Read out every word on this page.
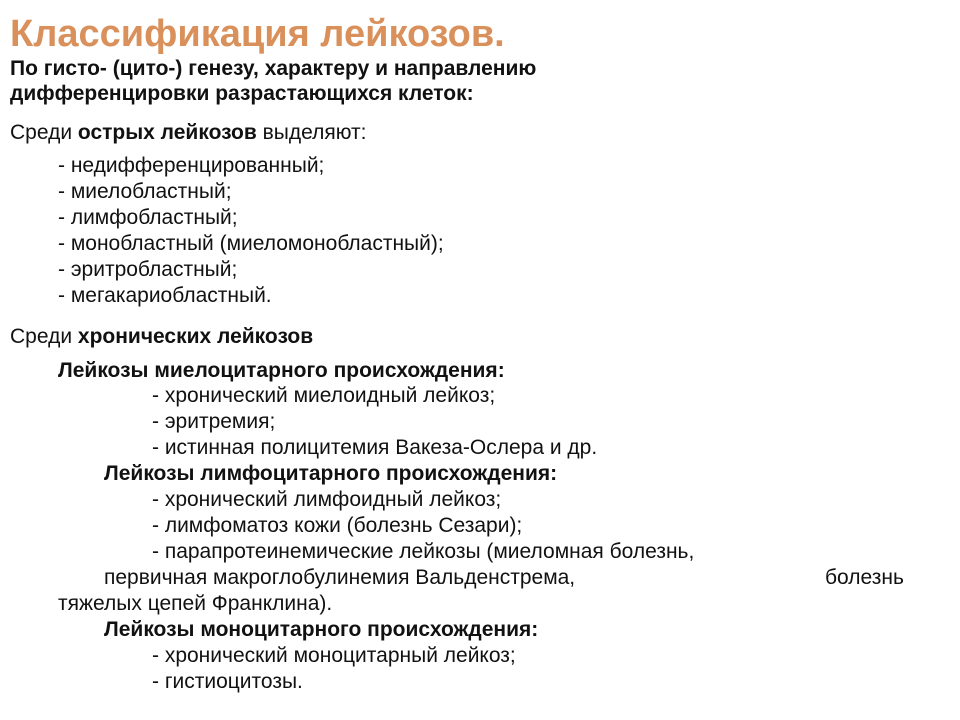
Классификация лейкозов.

По гисто- (цито-) генезу, характеру и направлению дифференцировки разрастающихся клеток:

Среди острых лейкозов выделяют:
- недифференцированный;
- миелобластный;
- лимфобластный;
- монобластный (миеломонобластный);
- эритробластный;
- мегакариобластный.
Среди хронических лейкозов
Лейкозы миелоцитарного происхождения:
- хронический миелоидный лейкоз;
- эритремия;
- истинная полицитемия Вакеза-Ослера и др.
Лейкозы лимфоцитарного происхождения:
- хронический лимфоидный лейкоз;
- лимфоматоз кожи (болезнь Сезари);
- парапротеинемические лейкозы (миеломная болезнь,
первичная макроглобулинемия Вальденстрема,	болезнь
тяжелых цепей Франклина).
Лейкозы моноцитарного происхождения:
- хронический моноцитарный лейкоз;
- гистиоцитозы.
